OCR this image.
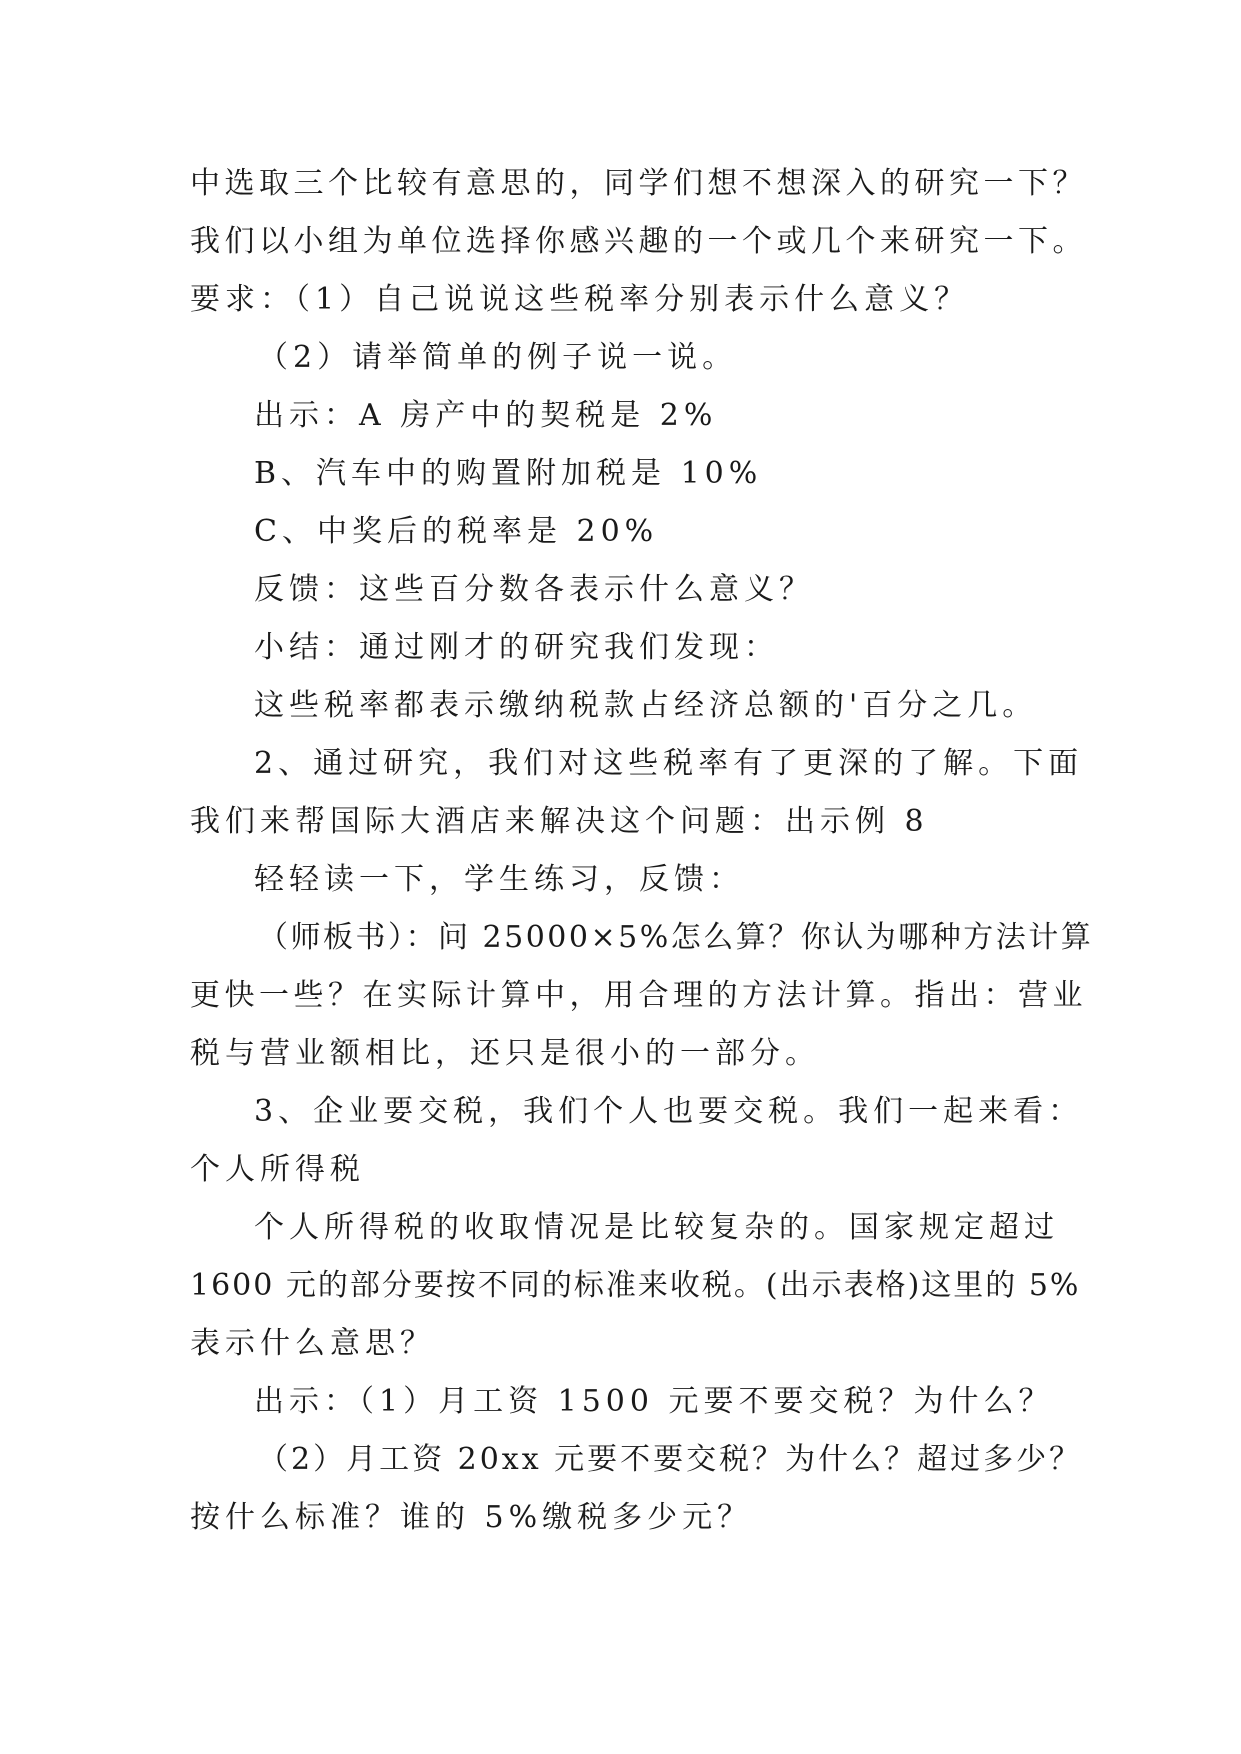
中选取三个比较有意思的，同学们想不想深入的研究一下？
我们以小组为单位选择你感兴趣的一个或几个来研究一下。
要求：（1）自己说说这些税率分别表示什么意义？
（2）请举简单的例子说一说。
出示：A 房产中的契税是 2%
B、汽车中的购置附加税是 10%
C、中奖后的税率是 20%
反馈：这些百分数各表示什么意义？
小结：通过刚才的研究我们发现：
这些税率都表示缴纳税款占经济总额的'百分之几。
2、通过研究，我们对这些税率有了更深的了解。下面
我们来帮国际大酒店来解决这个问题：出示例 8
轻轻读一下，学生练习，反馈：
（师板书）：问 25000×5%怎么算？你认为哪种方法计算
更快一些？在实际计算中，用合理的方法计算。指出：营业
税与营业额相比，还只是很小的一部分。
3、企业要交税，我们个人也要交税。我们一起来看：
个人所得税
个人所得税的收取情况是比较复杂的。国家规定超过
1600 元的部分要按不同的标准来收税。(出示表格)这里的 5%
表示什么意思？
出示：（1）月工资 1500 元要不要交税？为什么？
（2）月工资 20xx 元要不要交税？为什么？超过多少？
按什么标准？谁的 5%缴税多少元？
